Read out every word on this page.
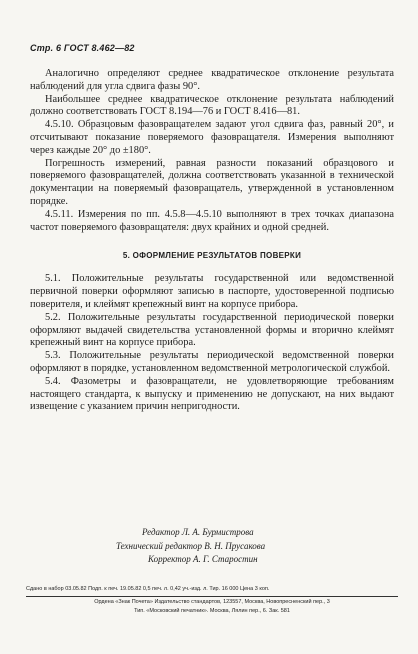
Стр. 6 ГОСТ 8.462—82

Аналогично определяют среднее квадратическое отклонение результата наблюдений для угла сдвига фазы 90°.

Наибольшее среднее квадратическое отклонение результата наблюдений должно соответствовать ГОСТ 8.194—76 и ГОСТ 8.416—81.

4.5.10. Образцовым фазовращателем задают угол сдвига фаз, равный 20°, и отсчитывают показание поверяемого фазовращателя. Измерения выполняют через каждые 20° до ±180°.

Погрешность измерений, равная разности показаний образцового и поверяемого фазовращателей, должна соответствовать указанной в технической документации на поверяемый фазовращатель, утвержденной в установленном порядке.

4.5.11. Измерения по пп. 4.5.8—4.5.10 выполняют в трех точках диапазона частот поверяемого фазовращателя: двух крайних и одной средней.

5. ОФОРМЛЕНИЕ РЕЗУЛЬТАТОВ ПОВЕРКИ

5.1. Положительные результаты государственной или ведомственной первичной поверки оформляют записью в паспорте, удостоверенной подписью поверителя, и клеймят крепежный винт на корпусе прибора.

5.2. Положительные результаты государственной периодической поверки оформляют выдачей свидетельства установленной формы и вторично клеймят крепежный винт на корпусе прибора.

5.3. Положительные результаты периодической ведомственной поверки оформляют в порядке, установленном ведомственной метрологической службой.

5.4. Фазометры и фазовращатели, не удовлетворяющие требованиям настоящего стандарта, к выпуску и применению не допускают, на них выдают извещение с указанием причин непригодности.

Редактор Л. А. Бурмистрова
Технический редактор В. Н. Прусакова
Корректор А. Г. Старостин
Сдано в набор 03.05.82 Подп. к печ. 19.05.82 0,5 печ. л. 0,42 уч.-изд. л. Тир. 16 000 Цена 3 коп.
Ордена «Знак Почета» Издательство стандартов, 123557, Москва, Новопресненский пер., 3
Тип. «Московский печатник». Москва, Лялин пер., 6. Зак. 581
